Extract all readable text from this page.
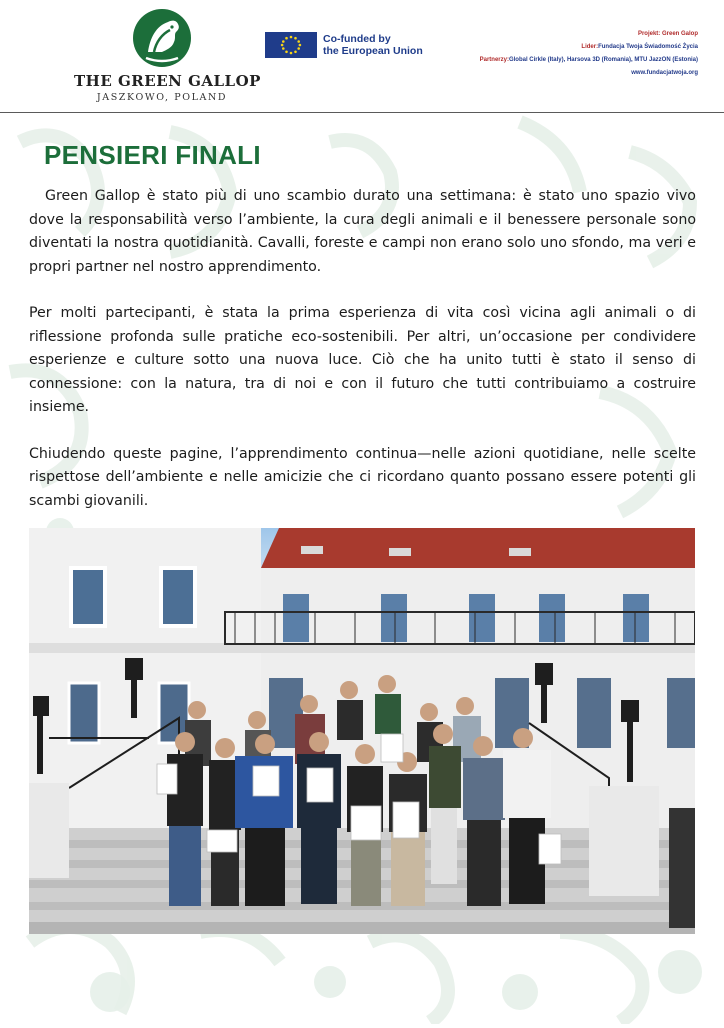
THE GREEN GALLOP
JASZKOWO, POLAND
Co-funded by
the European Union
Projekt: Green Galop
Lider:Fundacja Twoja Świadomość Życia
Partnerzy:Global Cirkle (Italy), Harsova 3D (Romania), MTU JazzON (Estonia)
www.fundacjatwoja.org
PENSIERI FINALI

Green Gallop è stato più di uno scambio durato una settimana: è stato uno spazio vivo dove la responsabilità verso l’ambiente, la cura degli animali e il benessere personale sono diventati la nostra quotidianità. Cavalli, foreste e campi non erano solo uno sfondo, ma veri e propri partner nel nostro apprendimento.

Per molti partecipanti, è stata la prima esperienza di vita così vicina agli animali o di riflessione profonda sulle pratiche eco-sostenibili. Per altri, un’occasione per condividere esperienze e culture sotto una nuova luce. Ciò che ha unito tutti è stato il senso di connessione: con la natura, tra di noi e con il futuro che tutti contribuiamo a costruire insieme.

Chiudendo queste pagine, l’apprendimento continua—nelle azioni quotidiane, nelle scelte rispettose dell’ambiente e nelle amicizie che ci ricordano quanto possano essere potenti gli scambi giovanili.
